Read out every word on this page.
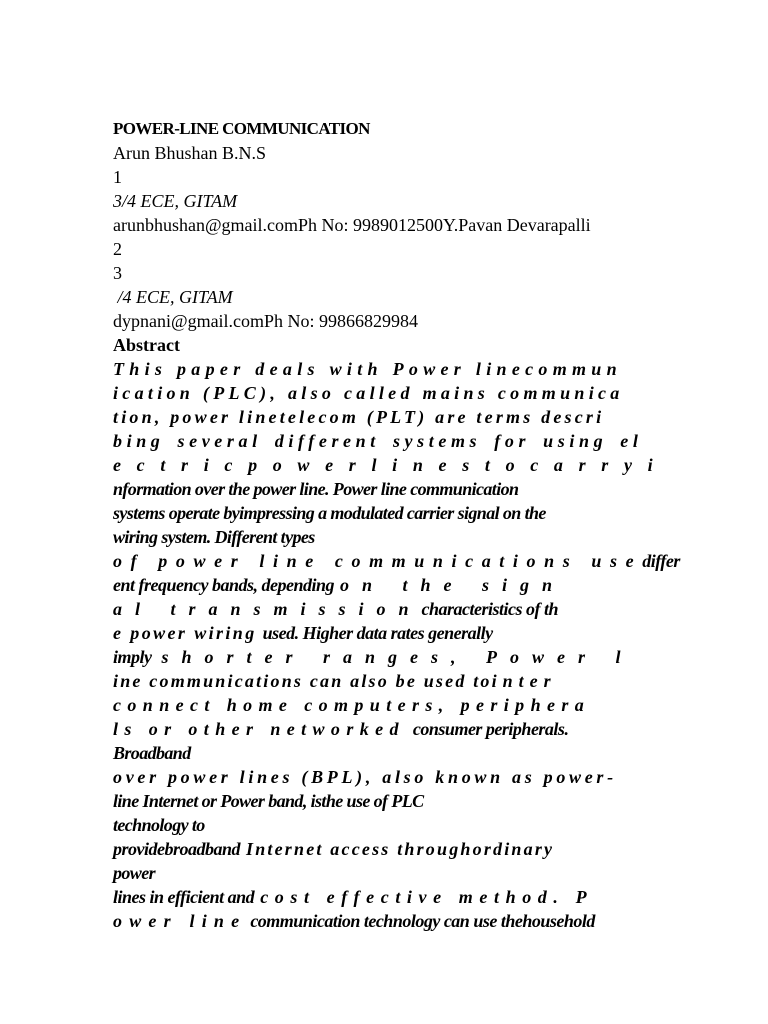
POWER-LINE COMMUNICATION
Arun Bhushan B.N.S
1
3/4 ECE, GITAM
arunbhushan@gmail.comPh No: 9989012500Y.Pavan Devarapalli
2
3
/4 ECE, GITAM
dypnani@gmail.comPh No: 99866829984
Abstract
This paper deals with Power linecommun
ication (PLC), also called mains communica
tion, power linetelecom (PLT) are terms descri
bing several different systems for using el
e c t r i c p o w e r l i n e s t o c a r r y i
nformation over the power line. Power line communication
systems operate byimpressing a modulated carrier signal on the
wiring system. Different types
of power line communications usediffer
ent frequency bands, depending on the sign
al transmissioncharacteristics of th
e power wiring used. Higher data rates generally
imply shorter ranges, Power l
ine communications can also be used tointer
connect home computers, periphera
ls or other networked consumer peripherals.
Broadband
over power lines (BPL), also known as power-
line Internet or Power band, isthe use of PLC
technology to
providebroadband Internet access throughordinary
power
lines in efficient and cost effective method. P
ower line communication technology can use thehousehold
